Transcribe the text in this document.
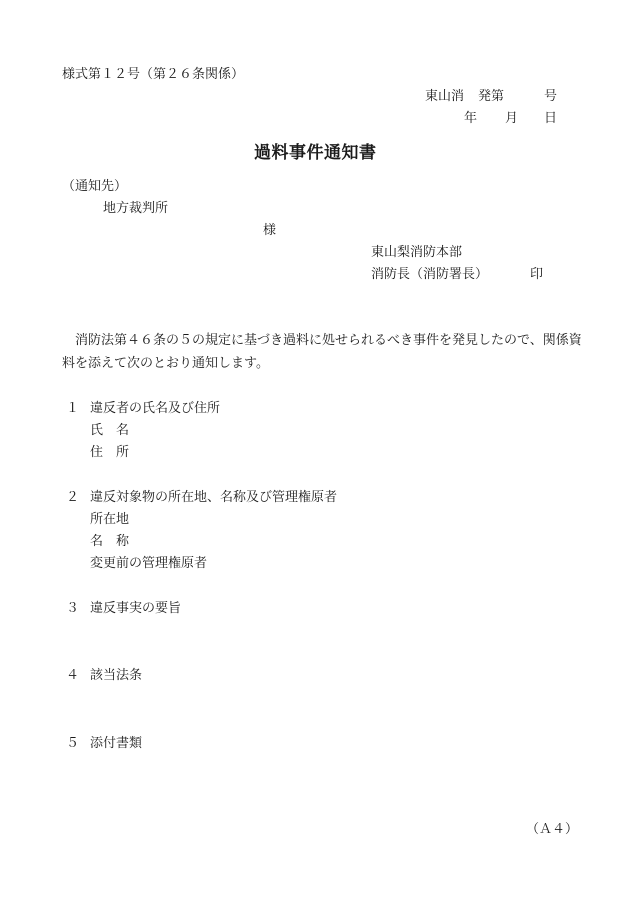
様式第１２号（第２６条関係）
東山消 発第	号
年 月 日
過料事件通知書
（通知先）
地方裁判所
様
東山梨消防本部
消防長（消防署長）	印
消防法第４６条の５の規定に基づき過料に処せられるべき事件を発見したので、関係資料を添えて次のとおり通知します。
１ 違反者の氏名及び住所
氏　名
住　所
２ 違反対象物の所在地、名称及び管理権原者
所在地
名　称
変更前の管理権原者
３ 違反事実の要旨
４ 該当法条
５ 添付書類
（Ａ４）
